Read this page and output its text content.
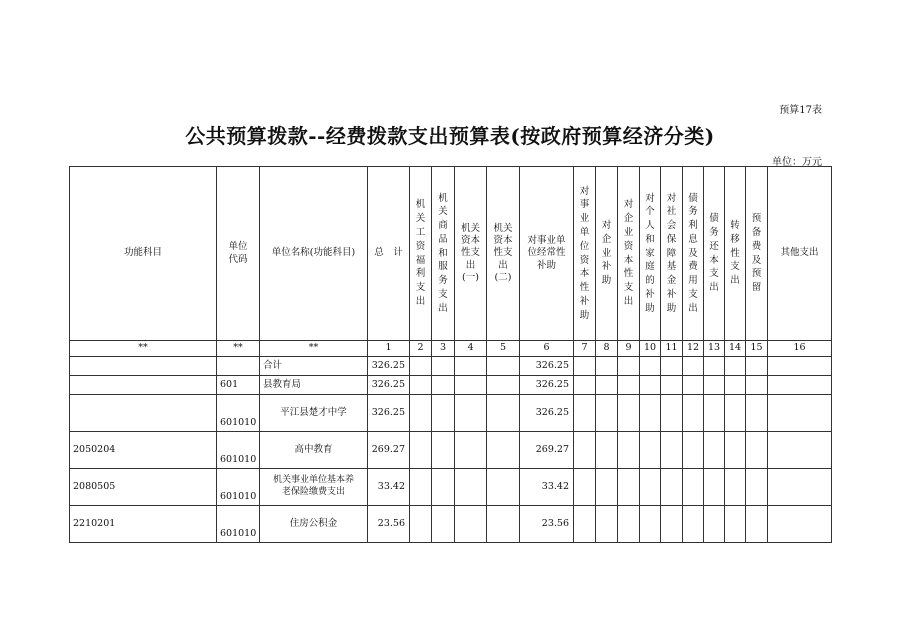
预算17表
公共预算拨款--经费拨款支出预算表(按政府预算经济分类)
单位：万元
功能科目	单位代码	单位名称(功能科目)	总　计	机关工资福利支出	机关商品和服务支出	机关资本性支出(一)	机关资本性支出(二)	对事业单位经常性补助	对事业单位资本性补助	对企业补助	对企业资本性支出	对个人和家庭的补助	对社会保障基金补助	债务利息及费用支出	债务还本支出	转移性支出	预备费及预留	其他支出
**	**	**	1	2	3	4	5	6	7	8	9	10	11	12	13	14	15	16
		合计	326.25					326.25										
	601	县教育局	326.25					326.25										
	601010	平江县楚才中学	326.25					326.25										
2050204	601010	高中教育	269.27					269.27										
2080505	601010	机关事业单位基本养老保险缴费支出	33.42					33.42										
2210201	601010	住房公积金	23.56					23.56										
